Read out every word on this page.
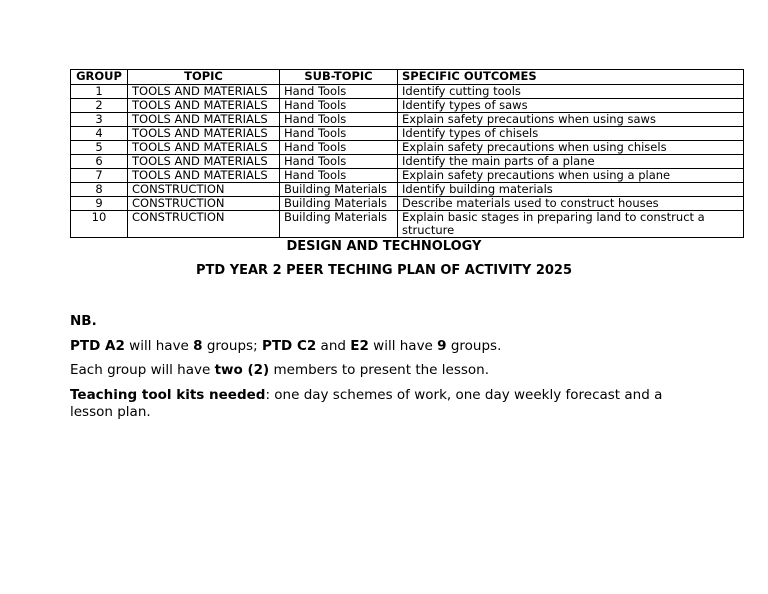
GROUP	TOPIC	SUB-TOPIC	SPECIFIC OUTCOMES
1	TOOLS AND MATERIALS	Hand Tools	Identify cutting tools
2	TOOLS AND MATERIALS	Hand Tools	Identify types of saws
3	TOOLS AND MATERIALS	Hand Tools	Explain safety precautions when using saws
4	TOOLS AND MATERIALS	Hand Tools	Identify types of chisels
5	TOOLS AND MATERIALS	Hand Tools	Explain safety precautions when using chisels
6	TOOLS AND MATERIALS	Hand Tools	Identify the main parts of a plane
7	TOOLS AND MATERIALS	Hand Tools	Explain safety precautions when using a plane
8	CONSTRUCTION	Building Materials	Identify building materials
9	CONSTRUCTION	Building Materials	Describe materials used to construct houses
10	CONSTRUCTION	Building Materials	Explain basic stages in preparing land to construct a structure
DESIGN AND TECHNOLOGY
PTD YEAR 2 PEER TECHING PLAN OF ACTIVITY 2025
NB.
PTD A2 will have 8 groups; PTD C2 and E2 will have 9 groups.
Each group will have two (2) members to present the lesson.
Teaching tool kits needed: one day schemes of work, one day weekly forecast and a lesson plan.
